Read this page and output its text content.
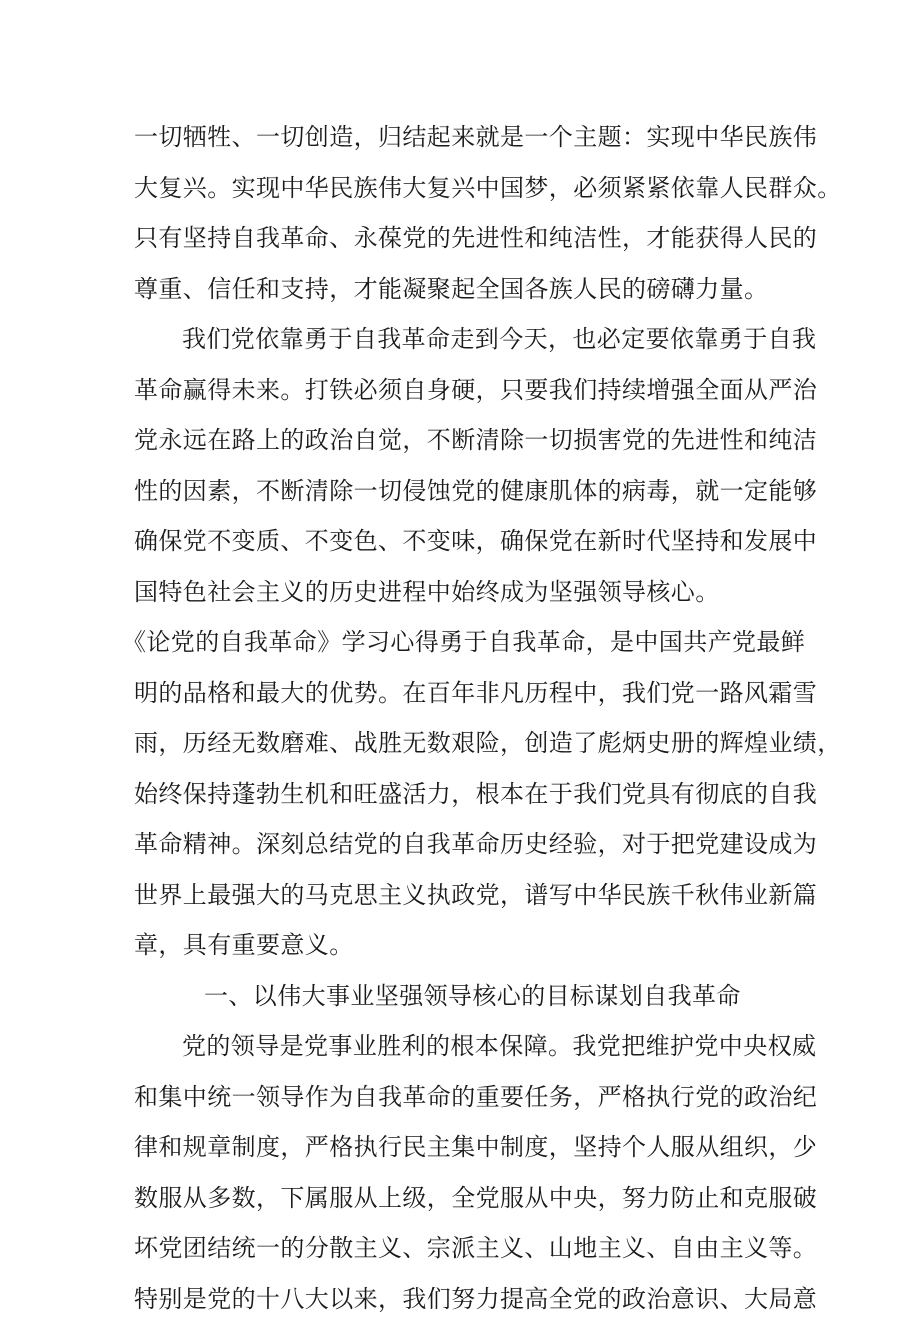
一切牺牲、一切创造，归结起来就是一个主题：实现中华民族伟
大复兴。实现中华民族伟大复兴中国梦，必须紧紧依靠人民群众。
只有坚持自我革命、永葆党的先进性和纯洁性，才能获得人民的
尊重、信任和支持，才能凝聚起全国各族人民的磅礴力量。
我们党依靠勇于自我革命走到今天，也必定要依靠勇于自我
革命赢得未来。打铁必须自身硬，只要我们持续增强全面从严治
党永远在路上的政治自觉，不断清除一切损害党的先进性和纯洁
性的因素，不断清除一切侵蚀党的健康肌体的病毒，就一定能够
确保党不变质、不变色、不变味，确保党在新时代坚持和发展中
国特色社会主义的历史进程中始终成为坚强领导核心。
《论党的自我革命》学习心得勇于自我革命，是中国共产党最鲜
明的品格和最大的优势。在百年非凡历程中，我们党一路风霜雪
雨，历经无数磨难、战胜无数艰险，创造了彪炳史册的辉煌业绩，
始终保持蓬勃生机和旺盛活力，根本在于我们党具有彻底的自我
革命精神。深刻总结党的自我革命历史经验，对于把党建设成为
世界上最强大的马克思主义执政党，谱写中华民族千秋伟业新篇
章，具有重要意义。
一、以伟大事业坚强领导核心的目标谋划自我革命
党的领导是党事业胜利的根本保障。我党把维护党中央权威
和集中统一领导作为自我革命的重要任务，严格执行党的政治纪
律和规章制度，严格执行民主集中制度，坚持个人服从组织，少
数服从多数，下属服从上级，全党服从中央，努力防止和克服破
坏党团结统一的分散主义、宗派主义、山地主义、自由主义等。
特别是党的十八大以来，我们努力提高全党的政治意识、大局意
